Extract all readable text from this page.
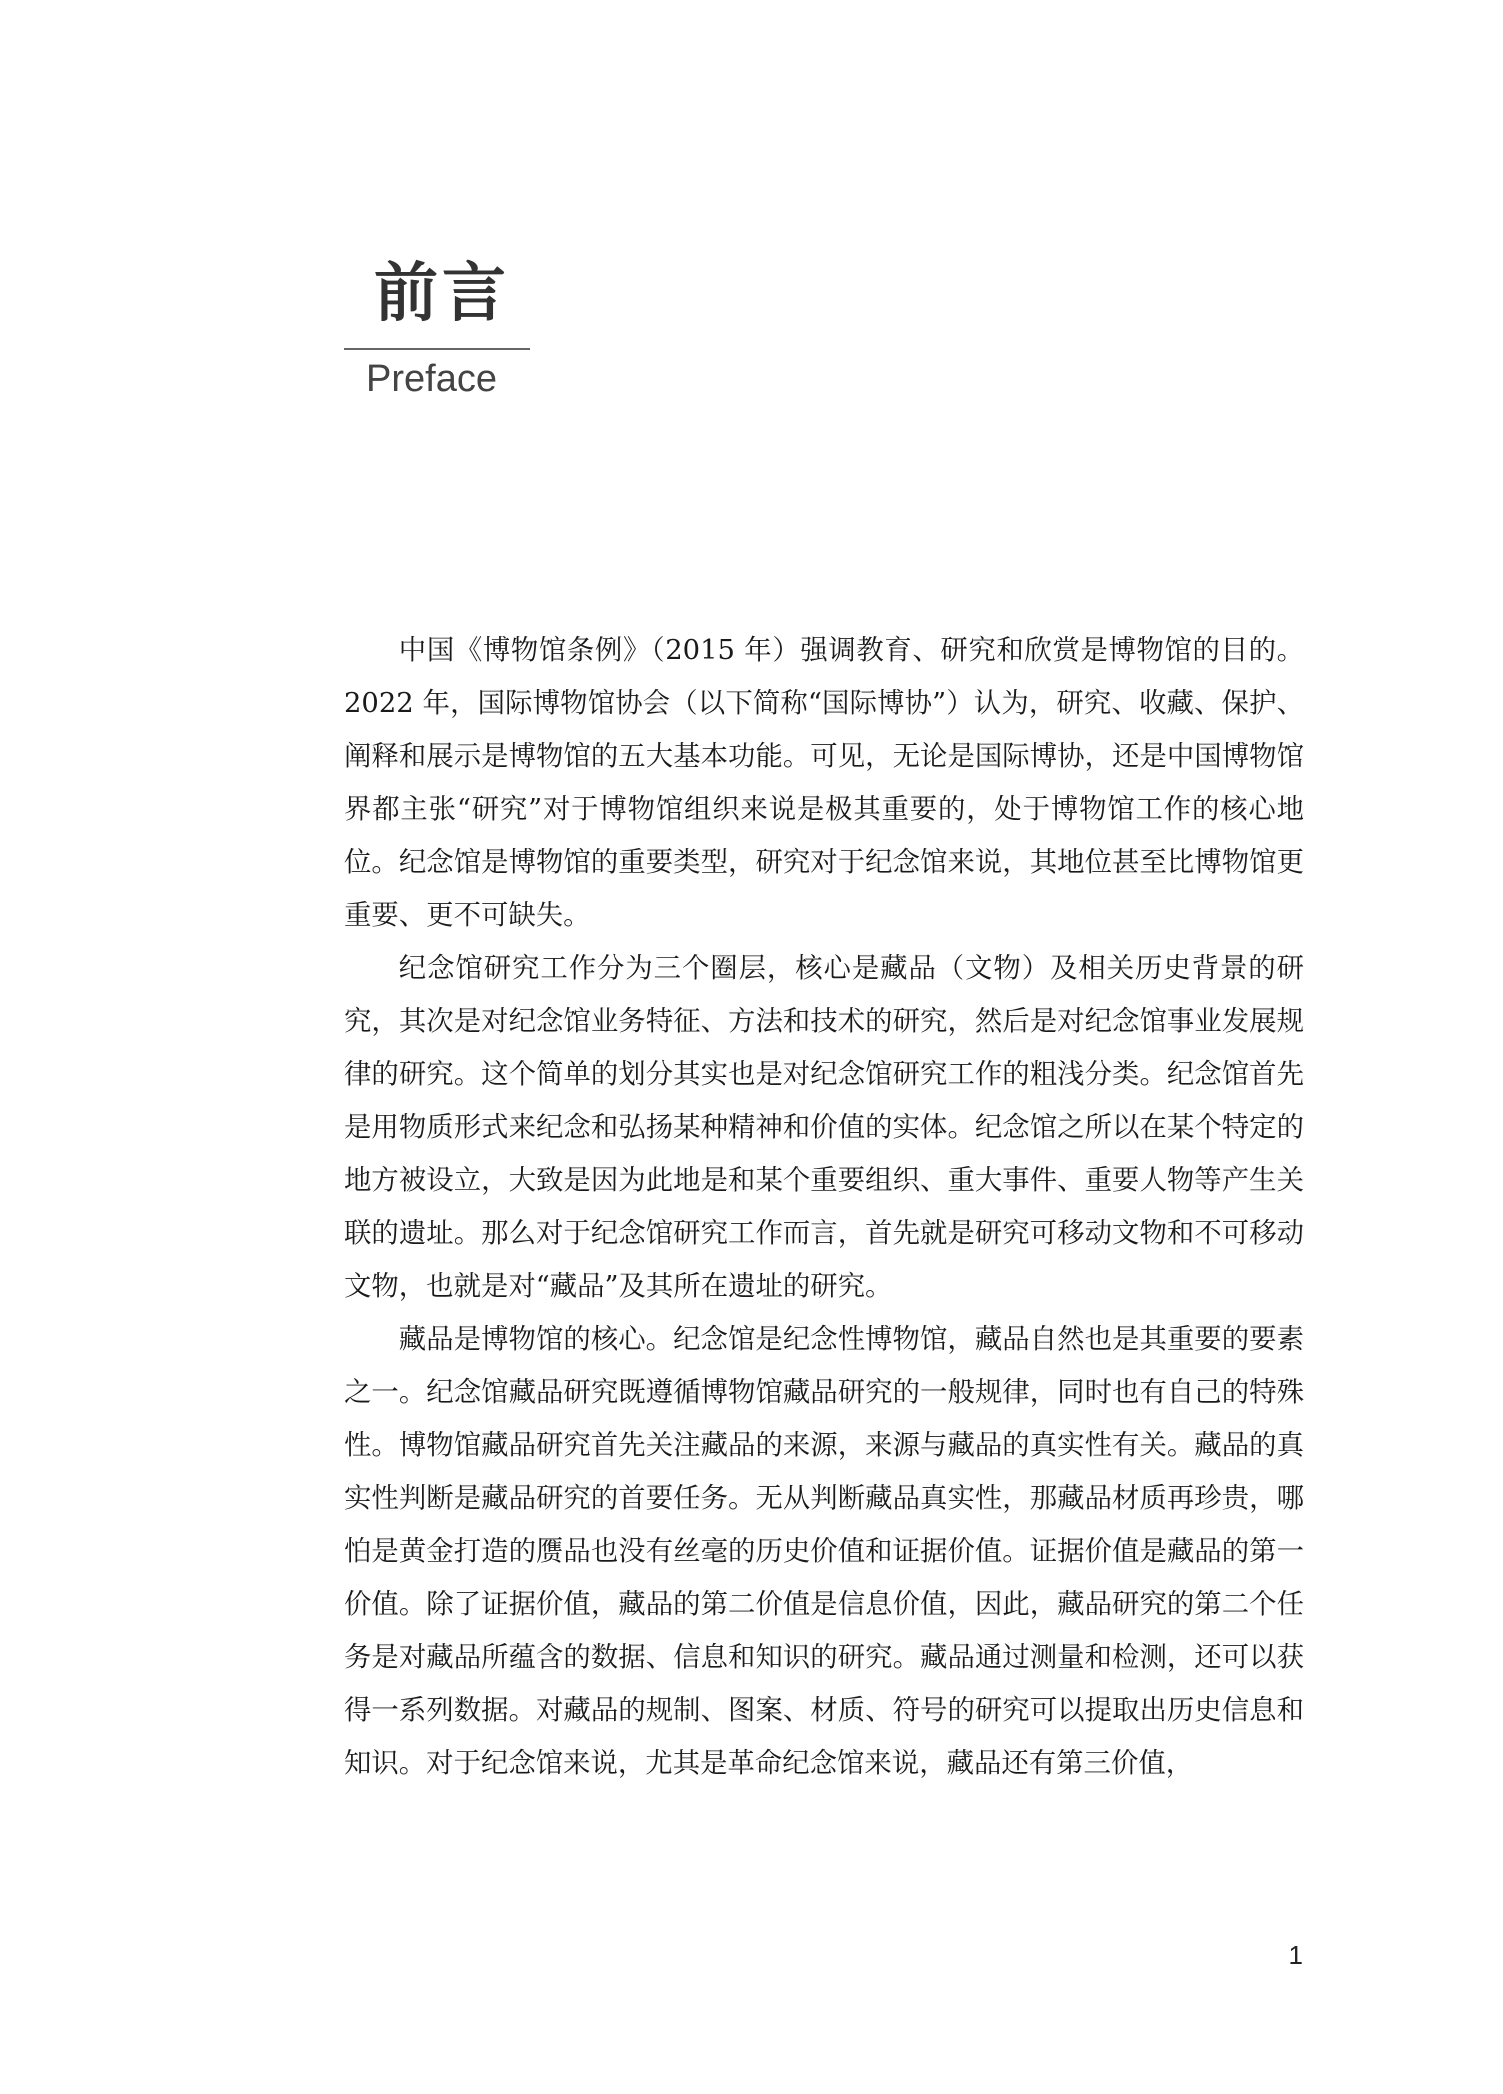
前言
Preface

中国《博物馆条例》（2015 年）强调教育、研究和欣赏是博物馆的目的。2022 年，国际博物馆协会（以下简称“国际博协”）认为，研究、收藏、保护、阐释和展示是博物馆的五大基本功能。可见，无论是国际博协，还是中国博物馆界都主张“研究”对于博物馆组织来说是极其重要的，处于博物馆工作的核心地位。纪念馆是博物馆的重要类型，研究对于纪念馆来说，其地位甚至比博物馆更重要、更不可缺失。

纪念馆研究工作分为三个圈层，核心是藏品（文物）及相关历史背景的研究，其次是对纪念馆业务特征、方法和技术的研究，然后是对纪念馆事业发展规律的研究。这个简单的划分其实也是对纪念馆研究工作的粗浅分类。纪念馆首先是用物质形式来纪念和弘扬某种精神和价值的实体。纪念馆之所以在某个特定的地方被设立，大致是因为此地是和某个重要组织、重大事件、重要人物等产生关联的遗址。那么对于纪念馆研究工作而言，首先就是研究可移动文物和不可移动文物，也就是对“藏品”及其所在遗址的研究。

藏品是博物馆的核心。纪念馆是纪念性博物馆，藏品自然也是其重要的要素之一。纪念馆藏品研究既遵循博物馆藏品研究的一般规律，同时也有自己的特殊性。博物馆藏品研究首先关注藏品的来源，来源与藏品的真实性有关。藏品的真实性判断是藏品研究的首要任务。无从判断藏品真实性，那藏品材质再珍贵，哪怕是黄金打造的赝品也没有丝毫的历史价值和证据价值。证据价值是藏品的第一价值。除了证据价值，藏品的第二价值是信息价值，因此，藏品研究的第二个任务是对藏品所蕴含的数据、信息和知识的研究。藏品通过测量和检测，还可以获得一系列数据。对藏品的规制、图案、材质、符号的研究可以提取出历史信息和知识。对于纪念馆来说，尤其是革命纪念馆来说，藏品还有第三价值，

1
